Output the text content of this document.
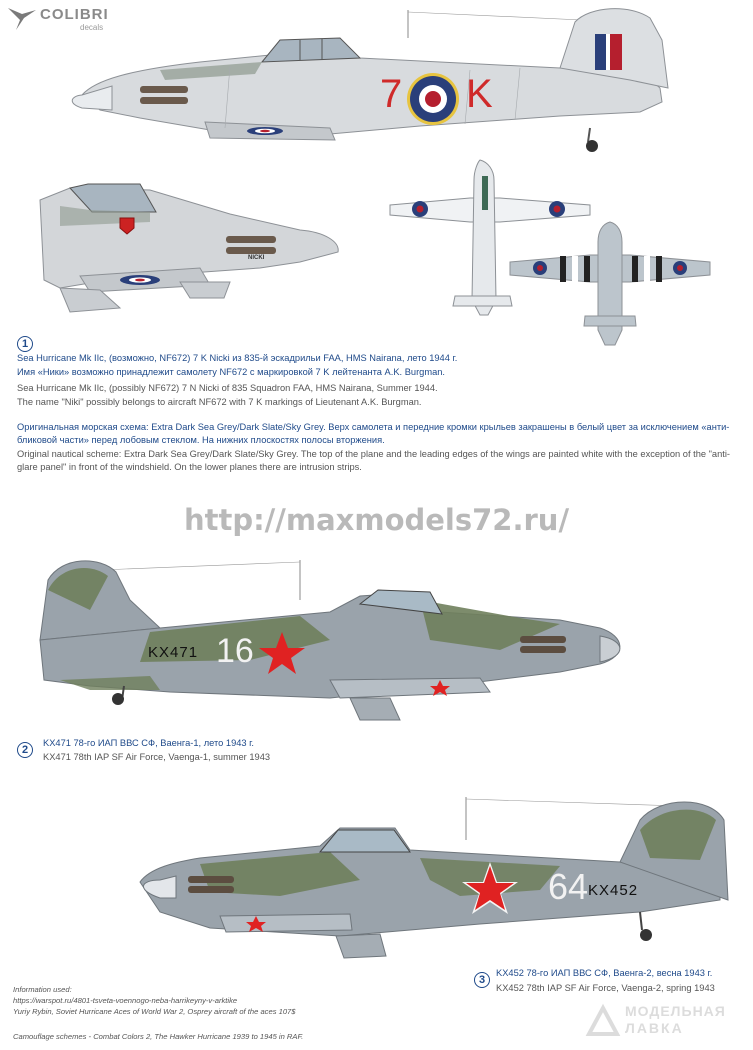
COLIBRI
decals
7 K
NICKI
1
Sea Hurricane Mk IIc, (возможно, NF672) 7 K Nicki из 835-й эскадрильи FAA, HMS Nairana, лето 1944 г.
Имя «Ники» возможно принадлежит самолету NF672 с маркировкой 7 K лейтенанта A.K. Burgman.
Sea Hurricane Mk IIc, (possibly NF672) 7 N Nicki of 835 Squadron FAA, HMS Nairana, Summer 1944.
The name "Niki" possibly belongs to aircraft NF672 with 7 K markings of Lieutenant A.K. Burgman.
Оригинальная морская схема: Extra Dark Sea Grey/Dark Slate/Sky Grey. Верх самолета и передние кромки крыльев закрашены в белый цвет за исключением «анти-бликовой части» перед лобовым стеклом. На нижних плоскостях полосы вторжения.
Original nautical scheme: Extra Dark Sea Grey/Dark Slate/Sky Grey. The top of the plane and the leading edges of the wings are painted white with the exception of the "anti-glare panel" in front of the windshield. On the lower planes there are intrusion strips.
http://maxmodels72.ru/
KX471 16
2
KX471 78-го ИАП ВВС СФ, Ваенга-1, лето 1943 г.
KX471 78th IAP SF Air Force, Vaenga-1, summer 1943
64 KX452
3
KX452 78-го ИАП ВВС СФ, Ваенга-2, весна 1943 г.
KX452 78th IAP SF Air Force, Vaenga-2, spring 1943
Information used:
https://warspot.ru/4801-tsveta-voennogo-neba-harrikeyny-v-arktike
Yuriy Rybin, Soviet Hurricane Aces of World War 2, Osprey aircraft of the aces 107$
Camouflage schemes - Combat Colors 2, The Hawker Hurricane 1939 to 1945 in RAF.
МОДЕЛЬНАЯ
ЛАВКА
